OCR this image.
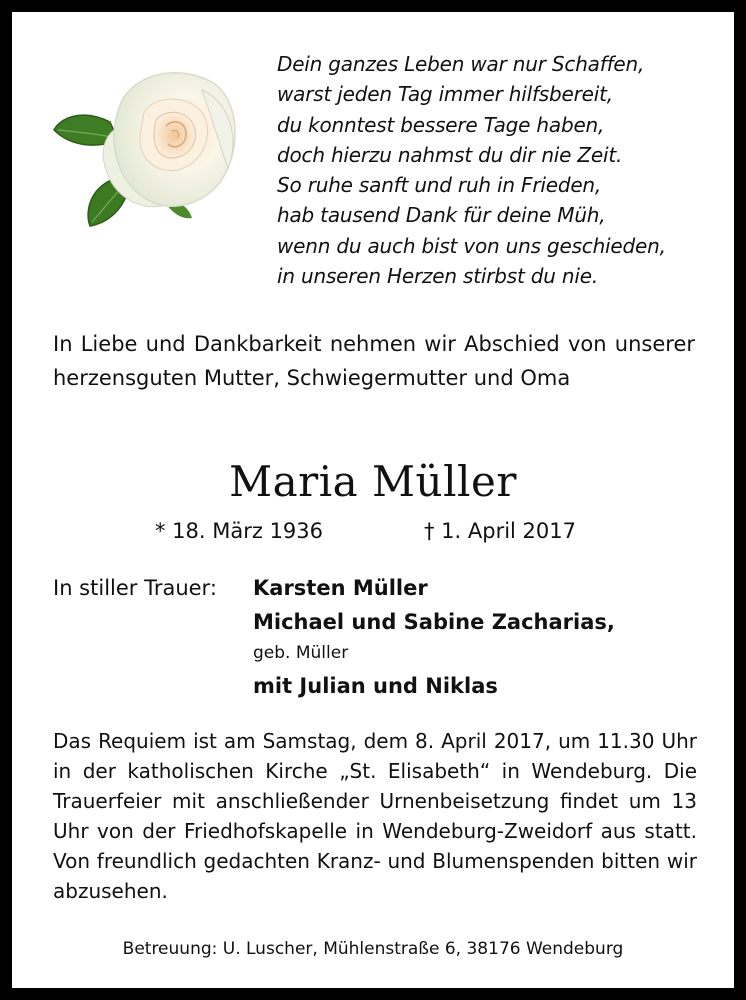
Dein ganzes Leben war nur Schaffen,
warst jeden Tag immer hilfsbereit,
du konntest bessere Tage haben,
doch hierzu nahmst du dir nie Zeit.
So ruhe sanft und ruh in Frieden,
hab tausend Dank für deine Müh,
wenn du auch bist von uns geschieden,
in unseren Herzen stirbst du nie.
In Liebe und Dankbarkeit nehmen wir Abschied von unserer herzensguten Mutter, Schwiegermutter und Oma
Maria Müller
* 18. März 1936	† 1. April 2017
In stiller Trauer: Karsten Müller
Michael und Sabine Zacharias,
geb. Müller
mit Julian und Niklas
Das Requiem ist am Samstag, dem 8. April 2017, um 11.30 Uhr in der katholischen Kirche „St. Elisabeth“ in Wendeburg. Die Trauerfeier mit anschließender Urnenbeisetzung findet um 13 Uhr von der Friedhofskapelle in Wendeburg-Zweidorf aus statt. Von freundlich gedachten Kranz- und Blumenspenden bitten wir abzusehen.
Betreuung: U. Luscher, Mühlenstraße 6, 38176 Wendeburg
